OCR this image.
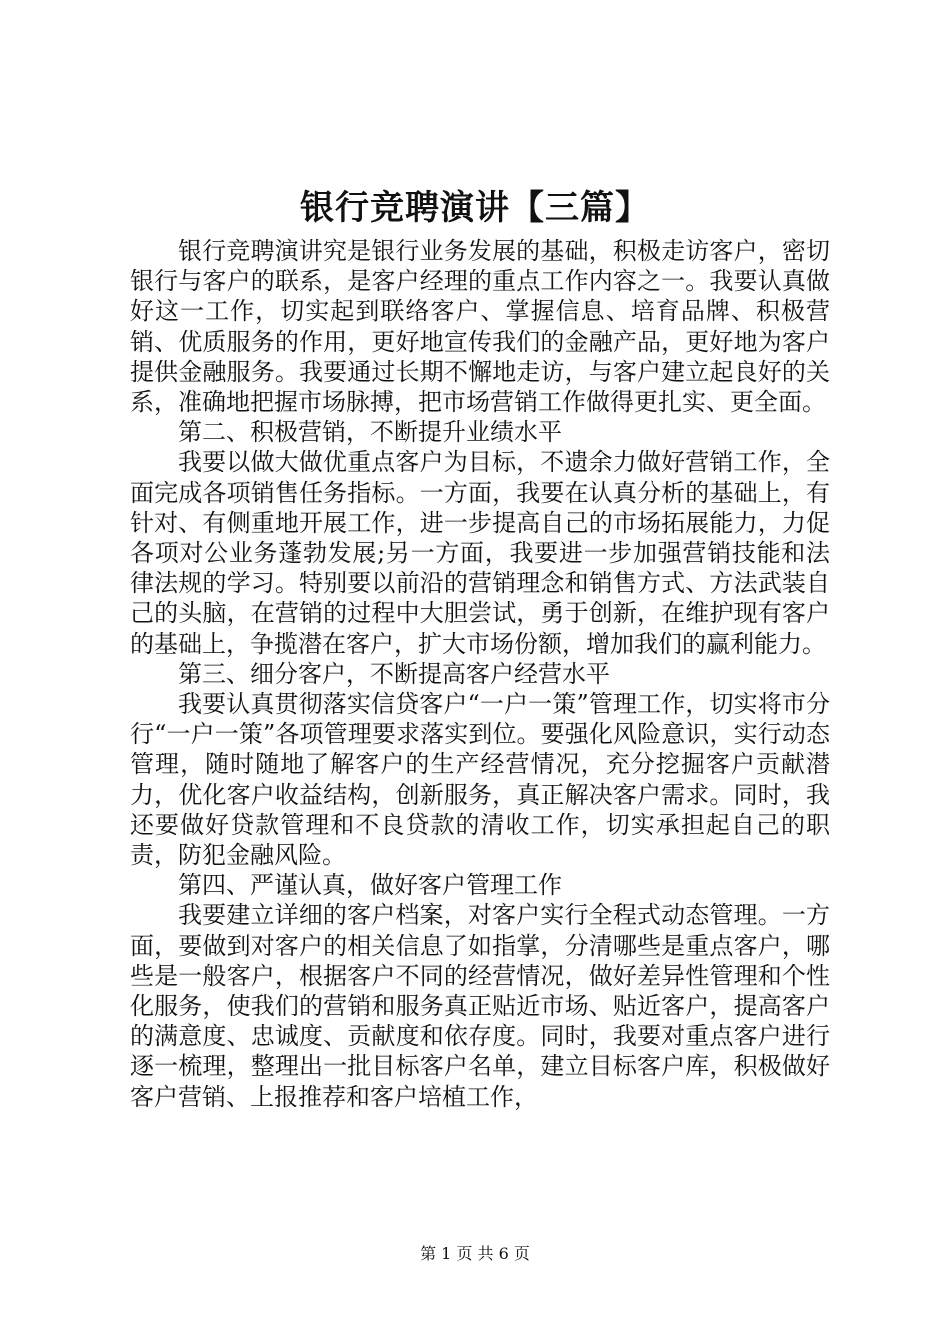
银行竞聘演讲【三篇】

银行竞聘演讲究是银行业务发展的基础，积极走访客户，密切银行与客户的联系，是客户经理的重点工作内容之一。我要认真做好这一工作，切实起到联络客户、掌握信息、培育品牌、积极营销、优质服务的作用，更好地宣传我们的金融产品，更好地为客户提供金融服务。我要通过长期不懈地走访，与客户建立起良好的关系，准确地把握市场脉搏，把市场营销工作做得更扎实、更全面。

第二、积极营销，不断提升业绩水平

我要以做大做优重点客户为目标，不遗余力做好营销工作，全面完成各项销售任务指标。一方面，我要在认真分析的基础上，有针对、有侧重地开展工作，进一步提高自己的市场拓展能力，力促各项对公业务蓬勃发展;另一方面，我要进一步加强营销技能和法律法规的学习。特别要以前沿的营销理念和销售方式、方法武装自己的头脑，在营销的过程中大胆尝试，勇于创新，在维护现有客户的基础上，争揽潜在客户，扩大市场份额，增加我们的赢利能力。

第三、细分客户，不断提高客户经营水平

我要认真贯彻落实信贷客户“一户一策”管理工作，切实将市分行“一户一策”各项管理要求落实到位。要强化风险意识，实行动态管理，随时随地了解客户的生产经营情况，充分挖掘客户贡献潜力，优化客户收益结构，创新服务，真正解决客户需求。同时，我还要做好贷款管理和不良贷款的清收工作，切实承担起自己的职责，防犯金融风险。

第四、严谨认真，做好客户管理工作

我要建立详细的客户档案，对客户实行全程式动态管理。一方面，要做到对客户的相关信息了如指掌，分清哪些是重点客户，哪些是一般客户，根据客户不同的经营情况，做好差异性管理和个性化服务，使我们的营销和服务真正贴近市场、贴近客户，提高客户的满意度、忠诚度、贡献度和依存度。同时，我要对重点客户进行逐一梳理，整理出一批目标客户名单，建立目标客户库，积极做好客户营销、上报推荐和客户培植工作，

第 1 页 共 6 页
